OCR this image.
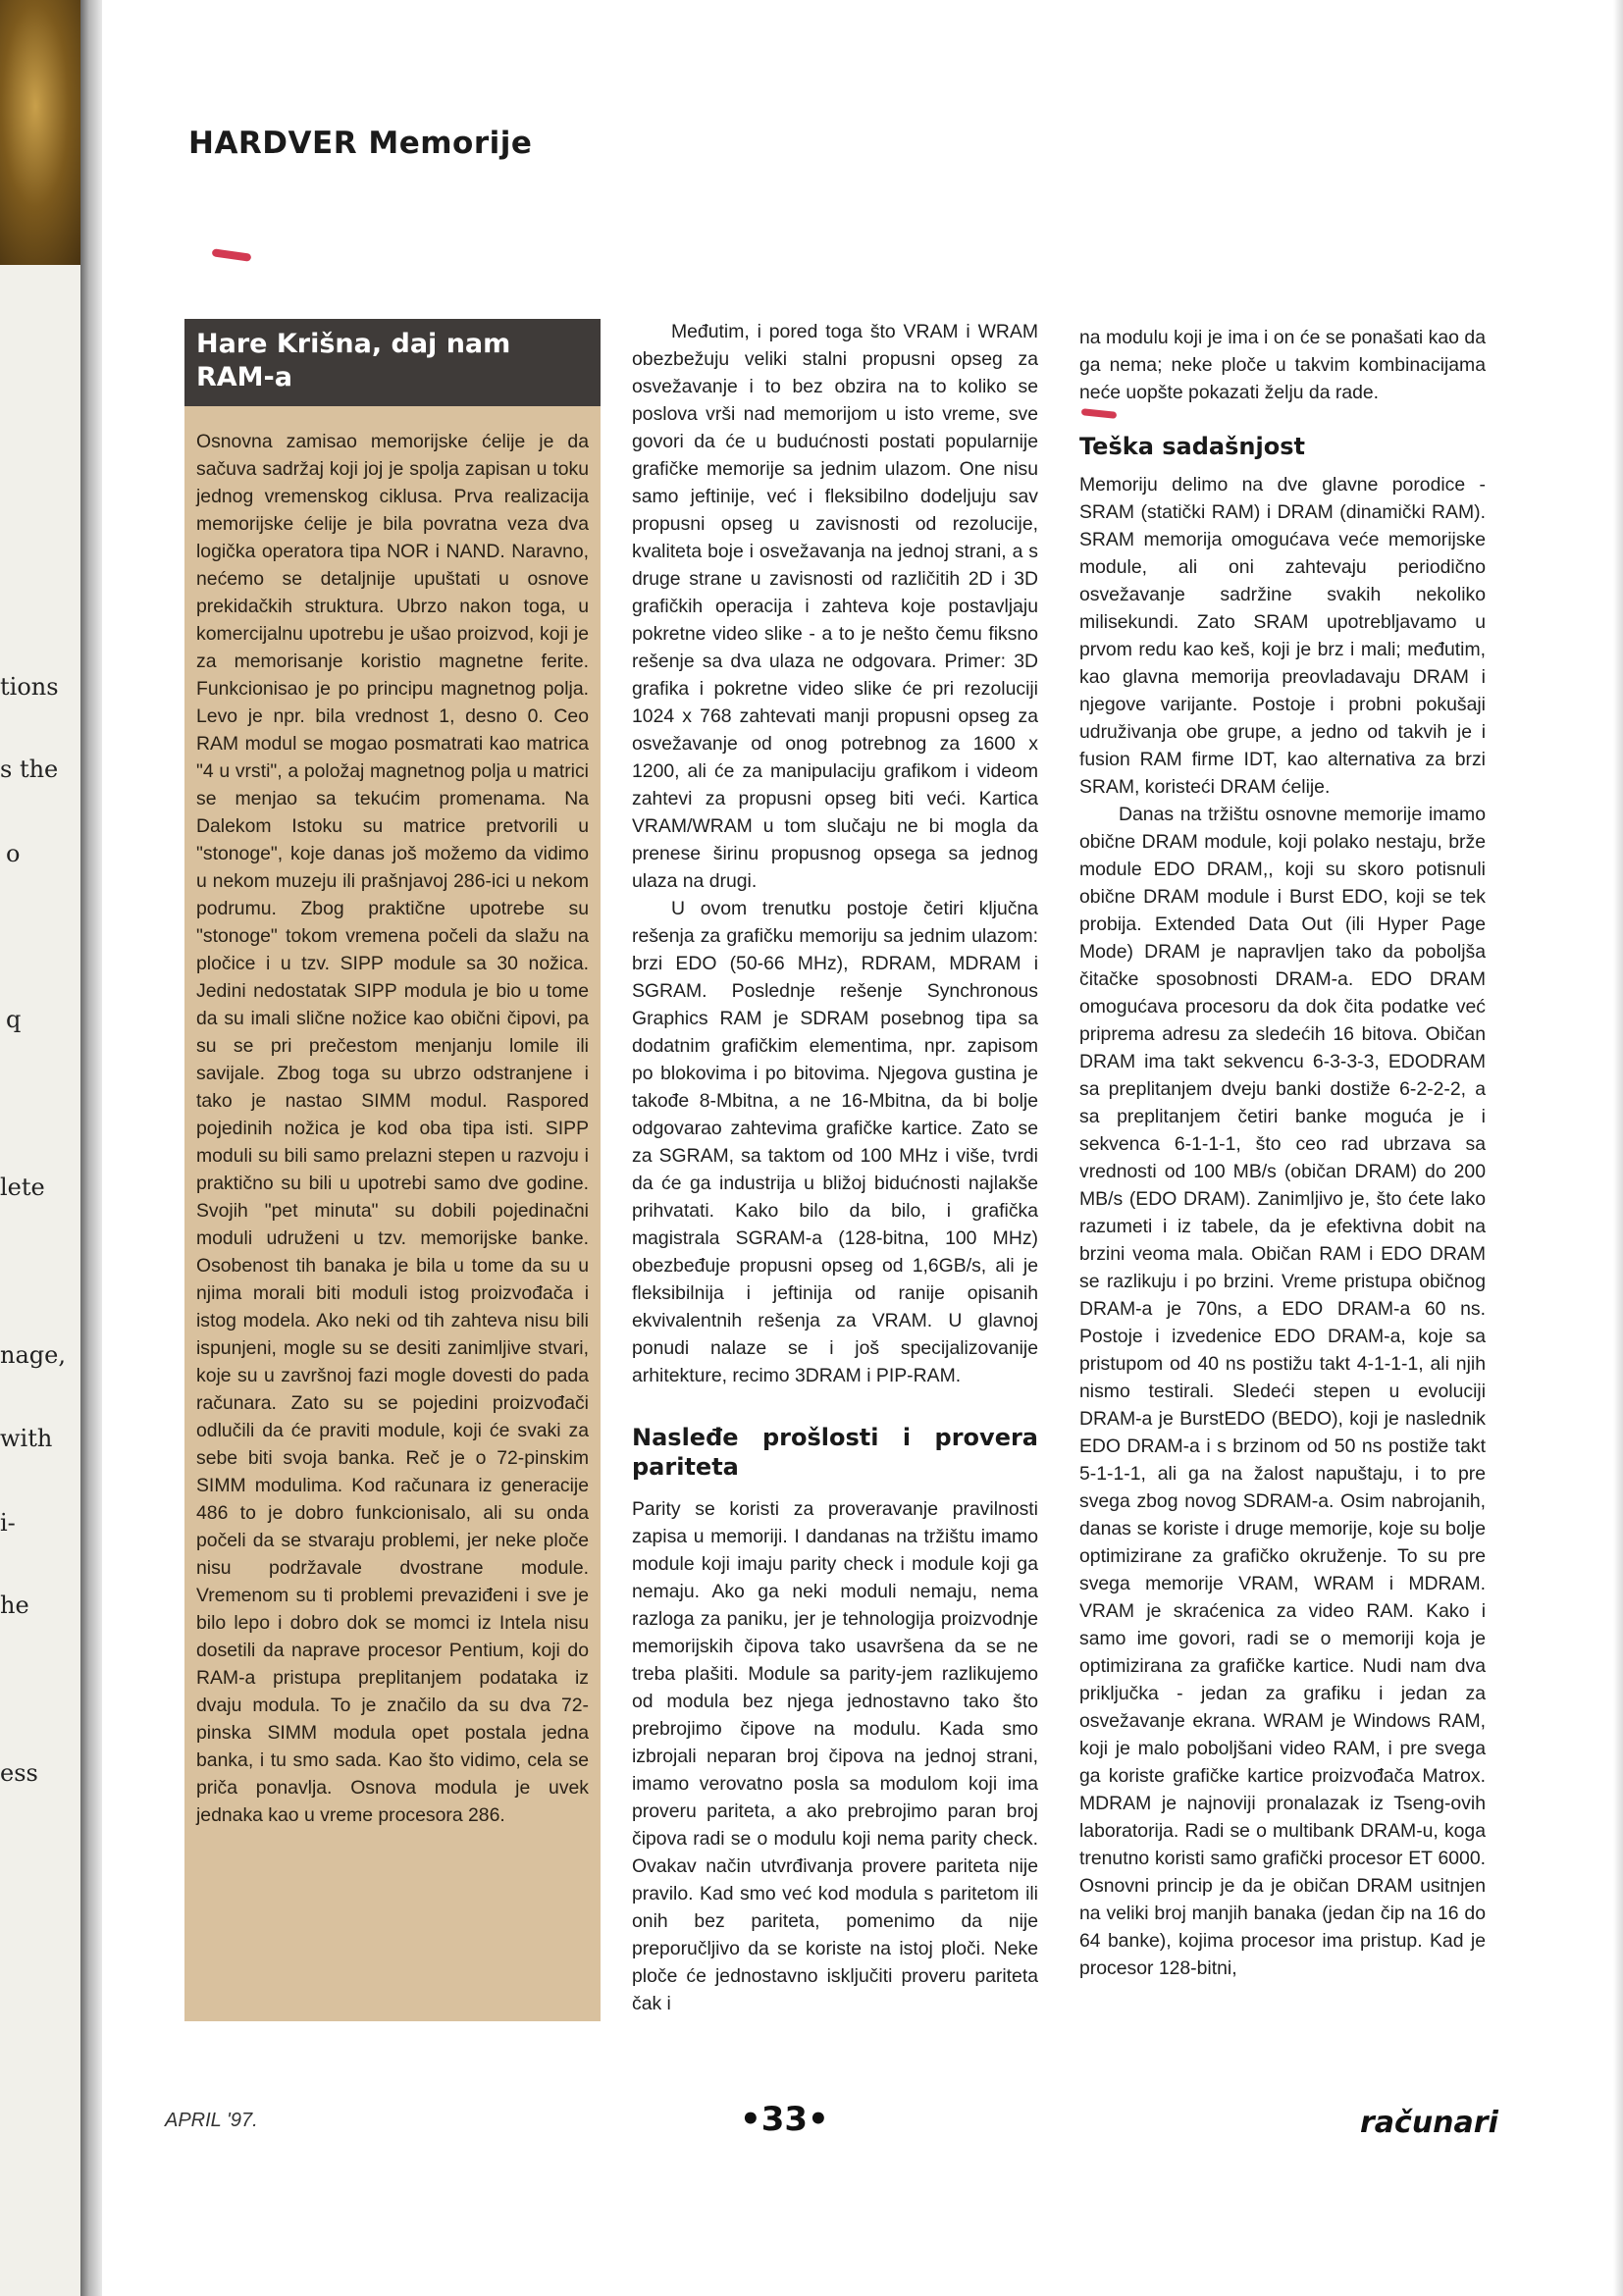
tions
s the
o
q
lete
nage,
with
i-
he
ess
HARDVER Memorije
Hare Krišna, daj nam RAM-a

Osnovna zamisao memorijske ćelije je da sačuva sadržaj koji joj je spolja zapisan u toku jednog vremenskog ciklusa. Prva realizacija memorijske ćelije je bila povratna veza dva logička operatora tipa NOR i NAND. Naravno, nećemo se detaljnije upuštati u osnove prekidačkih struktura. Ubrzo nakon toga, u komercijalnu upotrebu je ušao proizvod, koji je za memorisanje koristio magnetne ferite. Funkcionisao je po principu magnetnog polja. Levo je npr. bila vrednost 1, desno 0. Ceo RAM modul se mogao posmatrati kao matrica "4 u vrsti", a položaj magnetnog polja u matrici se menjao sa tekućim promenama. Na Dalekom Istoku su matrice pretvorili u "stonoge", koje danas još možemo da vidimo u nekom muzeju ili prašnjavoj 286-ici u nekom podrumu. Zbog praktične upotrebe su "stonoge" tokom vremena počeli da slažu na pločice i u tzv. SIPP module sa 30 nožica. Jedini nedostatak SIPP modula je bio u tome da su imali slične nožice kao obični čipovi, pa su se pri prečestom menjanju lomile ili savijale. Zbog toga su ubrzo odstranjene i tako je nastao SIMM modul. Raspored pojedinih nožica je kod oba tipa isti. SIPP moduli su bili samo prelazni stepen u razvoju i praktično su bili u upotrebi samo dve godine. Svojih "pet minuta" su dobili pojedinačni moduli udruženi u tzv. memorijske banke. Osobenost tih banaka je bila u tome da su u njima morali biti moduli istog proizvođača i istog modela. Ako neki od tih zahteva nisu bili ispunjeni, mogle su se desiti zanimljive stvari, koje su u završnoj fazi mogle dovesti do pada računara. Zato su se pojedini proizvođači odlučili da će praviti module, koji će svaki za sebe biti svoja banka. Reč je o 72-pinskim SIMM modulima. Kod računara iz generacije 486 to je dobro funkcionisalo, ali su onda počeli da se stvaraju problemi, jer neke ploče nisu podržavale dvostrane module. Vremenom su ti problemi prevaziđeni i sve je bilo lepo i dobro dok se momci iz Intela nisu dosetili da naprave procesor Pentium, koji do RAM-a pristupa preplitanjem podataka iz dvaju modula. To je značilo da su dva 72-pinska SIMM modula opet postala jedna banka, i tu smo sada. Kao što vidimo, cela se priča ponavlja. Osnova modula je uvek jednaka kao u vreme procesora 286.

Međutim, i pored toga što VRAM i WRAM obezbežuju veliki stalni propusni opseg za osvežavanje i to bez obzira na to koliko se poslova vrši nad memorijom u isto vreme, sve govori da će u budućnosti postati popularnije grafičke memorije sa jednim ulazom. One nisu samo jeftinije, već i fleksibilno dodeljuju sav propusni opseg u zavisnosti od rezolucije, kvaliteta boje i osvežavanja na jednoj strani, a s druge strane u zavisnosti od različitih 2D i 3D grafičkih operacija i zahteva koje postavljaju pokretne video slike - a to je nešto čemu fiksno rešenje sa dva ulaza ne odgovara. Primer: 3D grafika i pokretne video slike će pri rezoluciji 1024 x 768 zahtevati manji propusni opseg za osvežavanje od onog potrebnog za 1600 x 1200, ali će za manipulaciju grafikom i videom zahtevi za propusni opseg biti veći. Kartica VRAM/WRAM u tom slučaju ne bi mogla da prenese širinu propusnog opsega sa jednog ulaza na drugi.

U ovom trenutku postoje četiri ključna rešenja za grafičku memoriju sa jednim ulazom: brzi EDO (50-66 MHz), RDRAM, MDRAM i SGRAM. Poslednje rešenje Synchronous Graphics RAM je SDRAM posebnog tipa sa dodatnim grafičkim elementima, npr. zapisom po blokovima i po bitovima. Njegova gustina je takođe 8-Mbitna, a ne 16-Mbitna, da bi bolje odgovarao zahtevima grafičke kartice. Zato se za SGRAM, sa taktom od 100 MHz i više, tvrdi da će ga industrija u bližoj bidućnosti najlakše prihvatati. Kako bilo da bilo, i grafička magistrala SGRAM-a (128-bitna, 100 MHz) obezbeđuje propusni opseg od 1,6GB/s, ali je fleksibilnija i jeftinija od ranije opisanih ekvivalentnih rešenja za VRAM. U glavnoj ponudi nalaze se i još specijalizovanije arhitekture, recimo 3DRAM i PIP-RAM.

Nasleđe prošlosti i provera pariteta

Parity se koristi za proveravanje pravilnosti zapisa u memoriji. I dandanas na tržištu imamo module koji imaju parity check i module koji ga nemaju. Ako ga neki moduli nemaju, nema razloga za paniku, jer je tehnologija proizvodnje memorijskih čipova tako usavršena da se ne treba plašiti. Module sa parity-jem razlikujemo od modula bez njega jednostavno tako što prebrojimo čipove na modulu. Kada smo izbrojali neparan broj čipova na jednoj strani, imamo verovatno posla sa modulom koji ima proveru pariteta, a ako prebrojimo paran broj čipova radi se o modulu koji nema parity check. Ovakav način utvrđivanja provere pariteta nije pravilo. Kad smo već kod modula s paritetom ili onih bez pariteta, pomenimo da nije preporučljivo da se koriste na istoj ploči. Neke ploče će jednostavno isključiti proveru pariteta čak i

na modulu koji je ima i on će se ponašati kao da ga nema; neke ploče u takvim kombinacijama neće uopšte pokazati želju da rade.

Teška sadašnjost

Memoriju delimo na dve glavne porodice - SRAM (statički RAM) i DRAM (dinamički RAM). SRAM memorija omogućava veće memorijske module, ali oni zahtevaju periodično osvežavanje sadržine svakih nekoliko milisekundi. Zato SRAM upotrebljavamo u prvom redu kao keš, koji je brz i mali; međutim, kao glavna memorija preovladavaju DRAM i njegove varijante. Postoje i probni pokušaji udruživanja obe grupe, a jedno od takvih je i fusion RAM firme IDT, kao alternativa za brzi SRAM, koristeći DRAM ćelije.

Danas na tržištu osnovne memorije imamo obične DRAM module, koji polako nestaju, brže module EDO DRAM,, koji su skoro potisnuli obične DRAM module i Burst EDO, koji se tek probija. Extended Data Out (ili Hyper Page Mode) DRAM je napravljen tako da poboljša čitačke sposobnosti DRAM-a. EDO DRAM omogućava procesoru da dok čita podatke već priprema adresu za sledećih 16 bitova. Običan DRAM ima takt sekvencu 6-3-3-3, EDODRAM sa preplitanjem dveju banki dostiže 6-2-2-2, a sa preplitanjem četiri banke moguća je i sekvenca 6-1-1-1, što ceo rad ubrzava sa vrednosti od 100 MB/s (običan DRAM) do 200 MB/s (EDO DRAM). Zanimljivo je, što ćete lako razumeti i iz tabele, da je efektivna dobit na brzini veoma mala. Običan RAM i EDO DRAM se razlikuju i po brzini. Vreme pristupa običnog DRAM-a je 70ns, a EDO DRAM-a 60 ns. Postoje i izvedenice EDO DRAM-a, koje sa pristupom od 40 ns postižu takt 4-1-1-1, ali njih nismo testirali. Sledeći stepen u evoluciji DRAM-a je BurstEDO (BEDO), koji je naslednik EDO DRAM-a i s brzinom od 50 ns postiže takt 5-1-1-1, ali ga na žalost napuštaju, i to pre svega zbog novog SDRAM-a. Osim nabrojanih, danas se koriste i druge memorije, koje su bolje optimizirane za grafičko okruženje. To su pre svega memorije VRAM, WRAM i MDRAM. VRAM je skraćenica za video RAM. Kako i samo ime govori, radi se o memoriji koja je optimizirana za grafičke kartice. Nudi nam dva priključka - jedan za grafiku i jedan za osvežavanje ekrana. WRAM je Windows RAM, koji je malo poboljšani video RAM, i pre svega ga koriste grafičke kartice proizvođača Matrox. MDRAM je najnoviji pronalazak iz Tseng-ovih laboratorija. Radi se o multibank DRAM-u, koga trenutno koristi samo grafički procesor ET 6000. Osnovni princip je da je običan DRAM usitnjen na veliki broj manjih banaka (jedan čip na 16 do 64 banke), kojima procesor ima pristup. Kad je procesor 128-bitni,

APRIL '97.	•33•	računari
